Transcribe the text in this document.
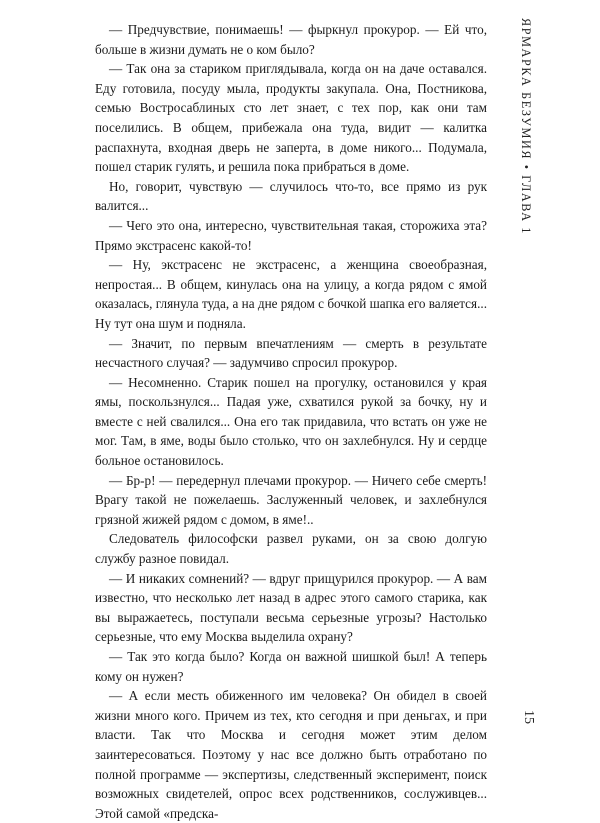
— Предчувствие, понимаешь! — фыркнул прокурор. — Ей что, больше в жизни думать не о ком было?

— Так она за стариком приглядывала, когда он на даче оставался. Еду готовила, посуду мыла, продукты закупала. Она, Постникова, семью Востросаблиных сто лет знает, с тех пор, как они там поселились. В общем, прибежала она туда, видит — калитка распахнута, входная дверь не заперта, в доме никого... Подумала, пошел старик гулять, и решила пока прибраться в доме.

Но, говорит, чувствую — случилось что-то, все прямо из рук валится...

— Чего это она, интересно, чувствительная такая, сторожиха эта? Прямо экстрасенс какой-то!

— Ну, экстрасенс не экстрасенс, а женщина своеобразная, непростая... В общем, кинулась она на улицу, а когда рядом с ямой оказалась, глянула туда, а на дне рядом с бочкой шапка его валяется... Ну тут она шум и подняла.

— Значит, по первым впечатлениям — смерть в результате несчастного случая? — задумчиво спросил прокурор.

— Несомненно. Старик пошел на прогулку, остановился у края ямы, поскользнулся... Падая уже, схватился рукой за бочку, ну и вместе с ней свалился... Она его так придавила, что встать он уже не мог. Там, в яме, воды было столько, что он захлебнулся. Ну и сердце больное остановилось.

— Бр-р! — передернул плечами прокурор. — Ничего себе смерть! Врагу такой не пожелаешь. Заслуженный человек, и захлебнулся грязной жижей рядом с домом, в яме!..

Следователь философски развел руками, он за свою долгую службу разное повидал.

— И никаких сомнений? — вдруг прищурился прокурор. — А вам известно, что несколько лет назад в адрес этого самого старика, как вы выражаетесь, поступали весьма серьезные угрозы? Настолько серьезные, что ему Москва выделила охрану?

— Так это когда было? Когда он важной шишкой был! А теперь кому он нужен?

— А если месть обиженного им человека? Он обидел в своей жизни много кого. Причем из тех, кто сегодня и при деньгах, и при власти. Так что Москва и сегодня может этим делом заинтересоваться. Поэтому у нас все должно быть отработано по полной программе — экспертизы, следственный эксперимент, поиск возможных свидетелей, опрос всех родственников, сослуживцев... Этой самой «предска-

ЯРМАРКА БЕЗУМИЯ • ГЛАВА 1
15
